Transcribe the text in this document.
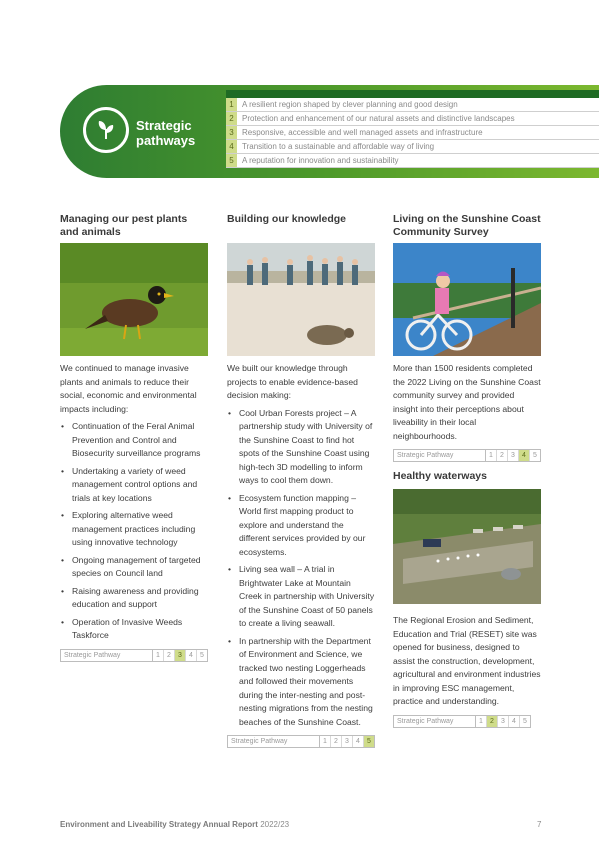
Strategic pathways
1	A resilient region shaped by clever planning and good design
2	Protection and enhancement of our natural assets and distinctive landscapes
3	Responsive, accessible and well managed assets and infrastructure
4	Transition to a sustainable and affordable way of living
5	A reputation for innovation and sustainability
Managing our pest plants and animals

We continued to manage invasive plants and animals to reduce their social, economic and environmental impacts including:

• Continuation of the Feral Animal Prevention and Control and Biosecurity surveillance programs
• Undertaking a variety of weed management control options and trials at key locations
• Exploring alternative weed management practices including using innovative technology
• Ongoing management of targeted species on Council land
• Raising awareness and providing education and support
• Operation of Invasive Weeds Taskforce
Strategic Pathway	1	2	3	4	5
Building our knowledge

We built our knowledge through projects to enable evidence-based decision making:

• Cool Urban Forests project – A partnership study with University of the Sunshine Coast to find hot spots of the Sunshine Coast using high-tech 3D modelling to inform ways to cool them down.
• Ecosystem function mapping – World first mapping product to explore and understand the different services provided by our ecosystems.
• Living sea wall – A trial in Brightwater Lake at Mountain Creek in partnership with University of the Sunshine Coast of 50 panels to create a living seawall.
• In partnership with the Department of Environment and Science, we tracked two nesting Loggerheads and followed their movements during the inter-nesting and post-nesting migrations from the nesting beaches of the Sunshine Coast.
Strategic Pathway	1	2	3	4	5
Living on the Sunshine Coast Community Survey

More than 1500 residents completed the 2022 Living on the Sunshine Coast community survey and provided insight into their perceptions about liveability in their local neighbourhoods.

Strategic Pathway	1	2	3	4	5
Healthy waterways

The Regional Erosion and Sediment, Education and Trial (RESET) site was opened for business, designed to assist the construction, development, agricultural and environment industries in improving ESC management, practice and understanding.

Strategic Pathway	1	2	3	4	5
Environment and Liveability Strategy Annual Report 2022/23	7
